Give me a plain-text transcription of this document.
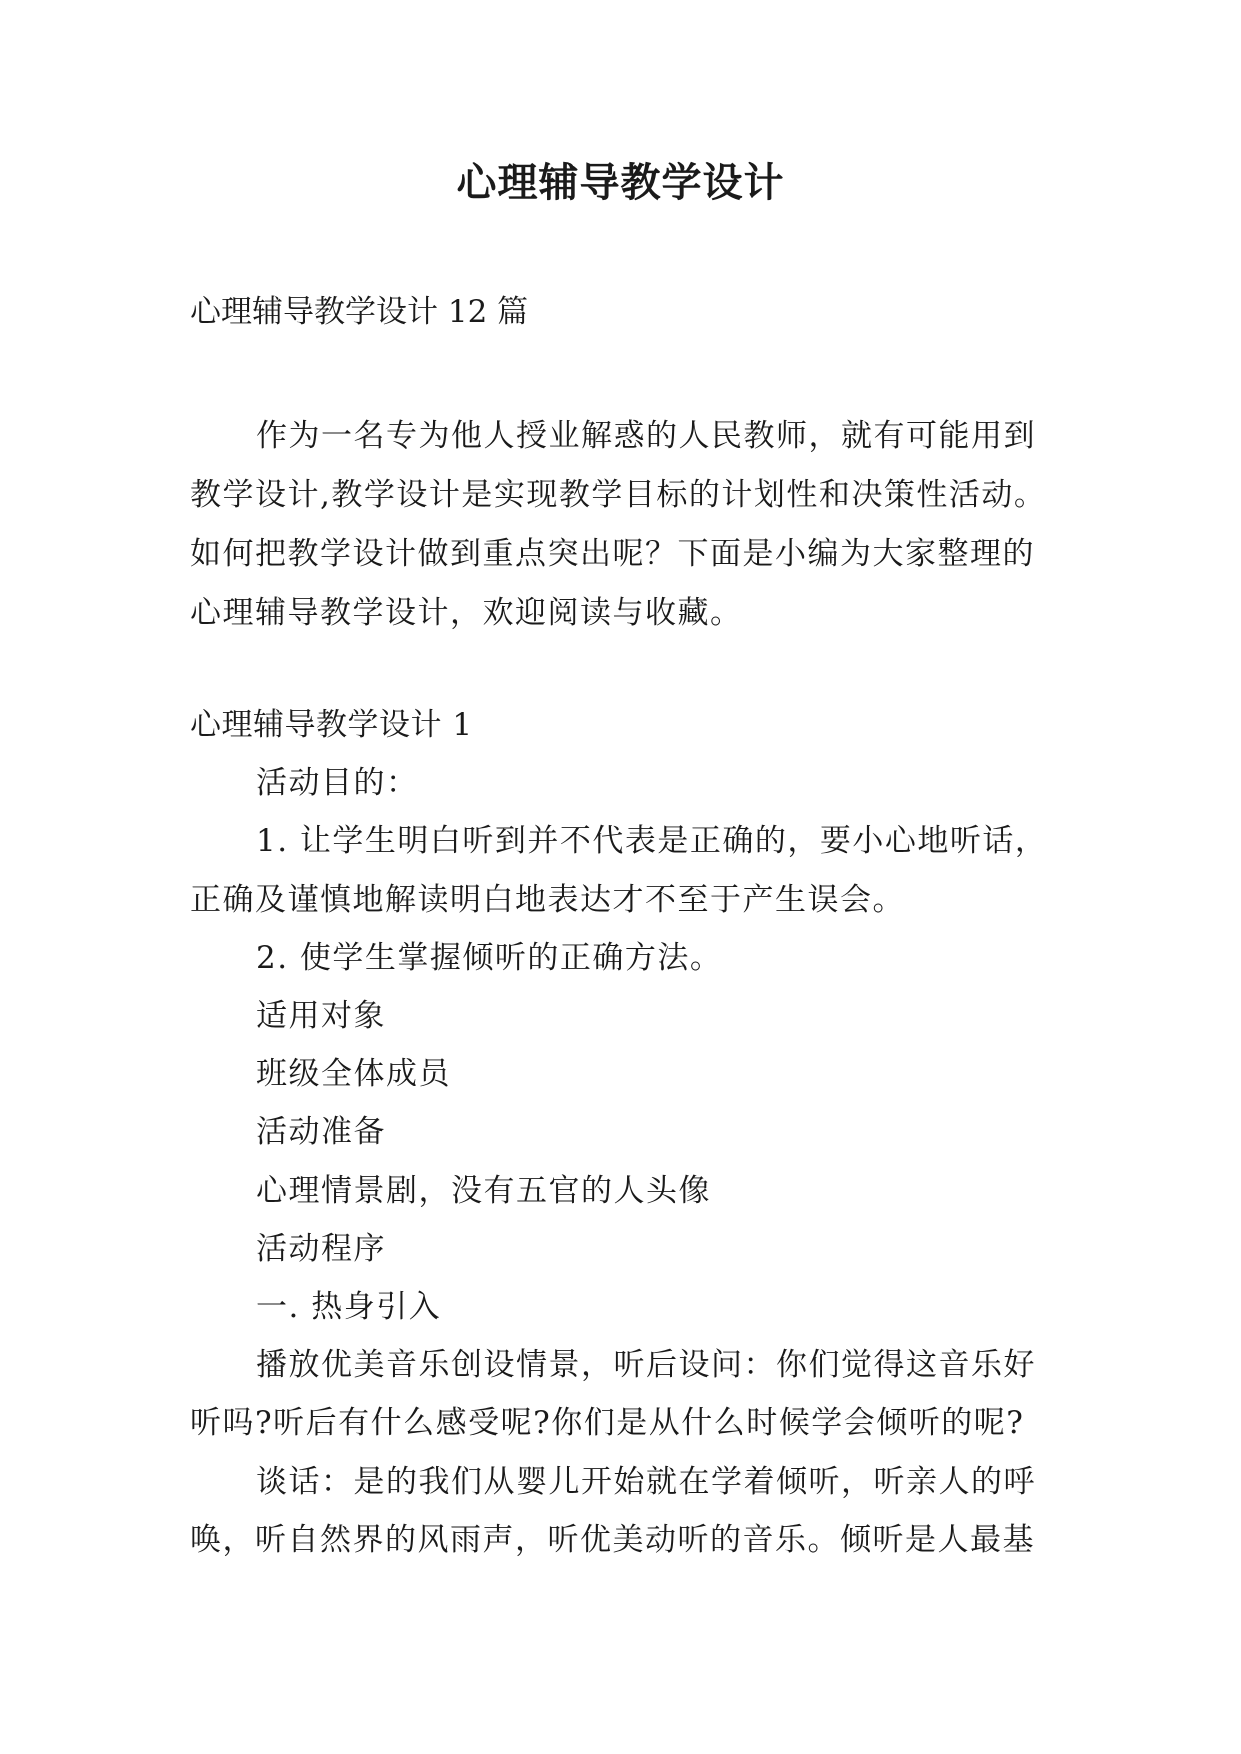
心理辅导教学设计

心理辅导教学设计 12 篇

作为一名专为他人授业解惑的人民教师，就有可能用到教学设计,教学设计是实现教学目标的计划性和决策性活动。如何把教学设计做到重点突出呢？下面是小编为大家整理的心理辅导教学设计，欢迎阅读与收藏。

心理辅导教学设计 1

活动目的：

1. 让学生明白听到并不代表是正确的，要小心地听话，正确及谨慎地解读明白地表达才不至于产生误会。

2. 使学生掌握倾听的正确方法。

适用对象

班级全体成员

活动准备

心理情景剧，没有五官的人头像

活动程序

一. 热身引入

播放优美音乐创设情景，听后设问：你们觉得这音乐好听吗?听后有什么感受呢?你们是从什么时候学会倾听的呢?

谈话：是的我们从婴儿开始就在学着倾听，听亲人的呼唤，听自然界的风雨声，听优美动听的音乐。倾听是人最基
